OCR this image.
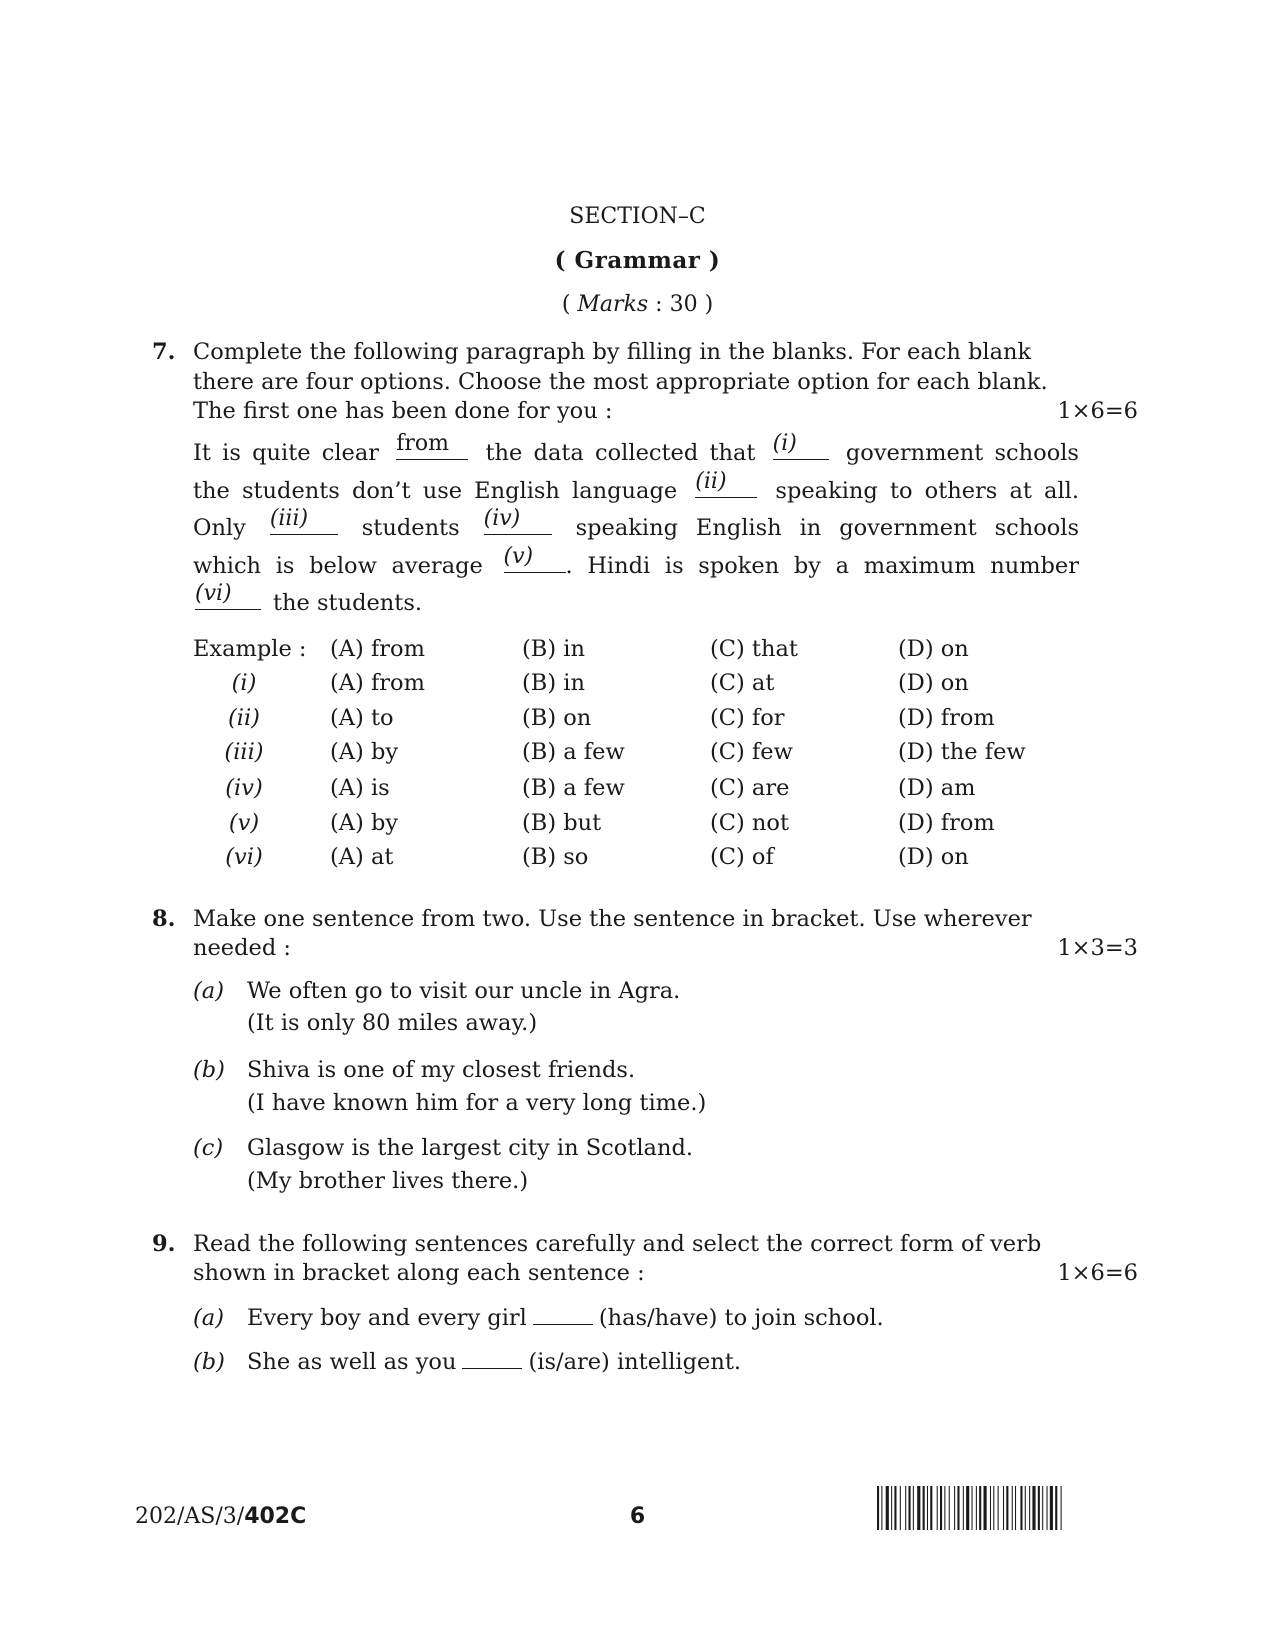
SECTION–C
( Grammar )
( Marks : 30 )
7. Complete the following paragraph by filling in the blanks. For each blank
there are four options. Choose the most appropriate option for each blank.
The first one has been done for you :	1×6=6
It is quite clear from	the data collected that (i)	government schools
the students don’t use English language (ii)	speaking to others at all.
Only (iii)	students (iv)	speaking English in government schools
which is below average (v)	. Hindi is spoken by a maximum number
(vi)	the students.
Example :	(A) from	(B) in	(C) that	(D) on
(i)	(A) from	(B) in	(C) at	(D) on
(ii)	(A) to	(B) on	(C) for	(D) from
(iii)	(A) by	(B) a few	(C) few	(D) the few
(iv)	(A) is	(B) a few	(C) are	(D) am
(v)	(A) by	(B) but	(C) not	(D) from
(vi)	(A) at	(B) so	(C) of	(D) on
8. Make one sentence from two. Use the sentence in bracket. Use wherever
needed :	1×3=3
(a) We often go to visit our uncle in Agra.
(It is only 80 miles away.)
(b) Shiva is one of my closest friends.
(I have known him for a very long time.)
(c) Glasgow is the largest city in Scotland.
(My brother lives there.)
9. Read the following sentences carefully and select the correct form of verb
shown in bracket along each sentence :	1×6=6
(a) Every boy and every girl	(has/have) to join school.
(b) She as well as you	(is/are) intelligent.
202/AS/3/402C	6
